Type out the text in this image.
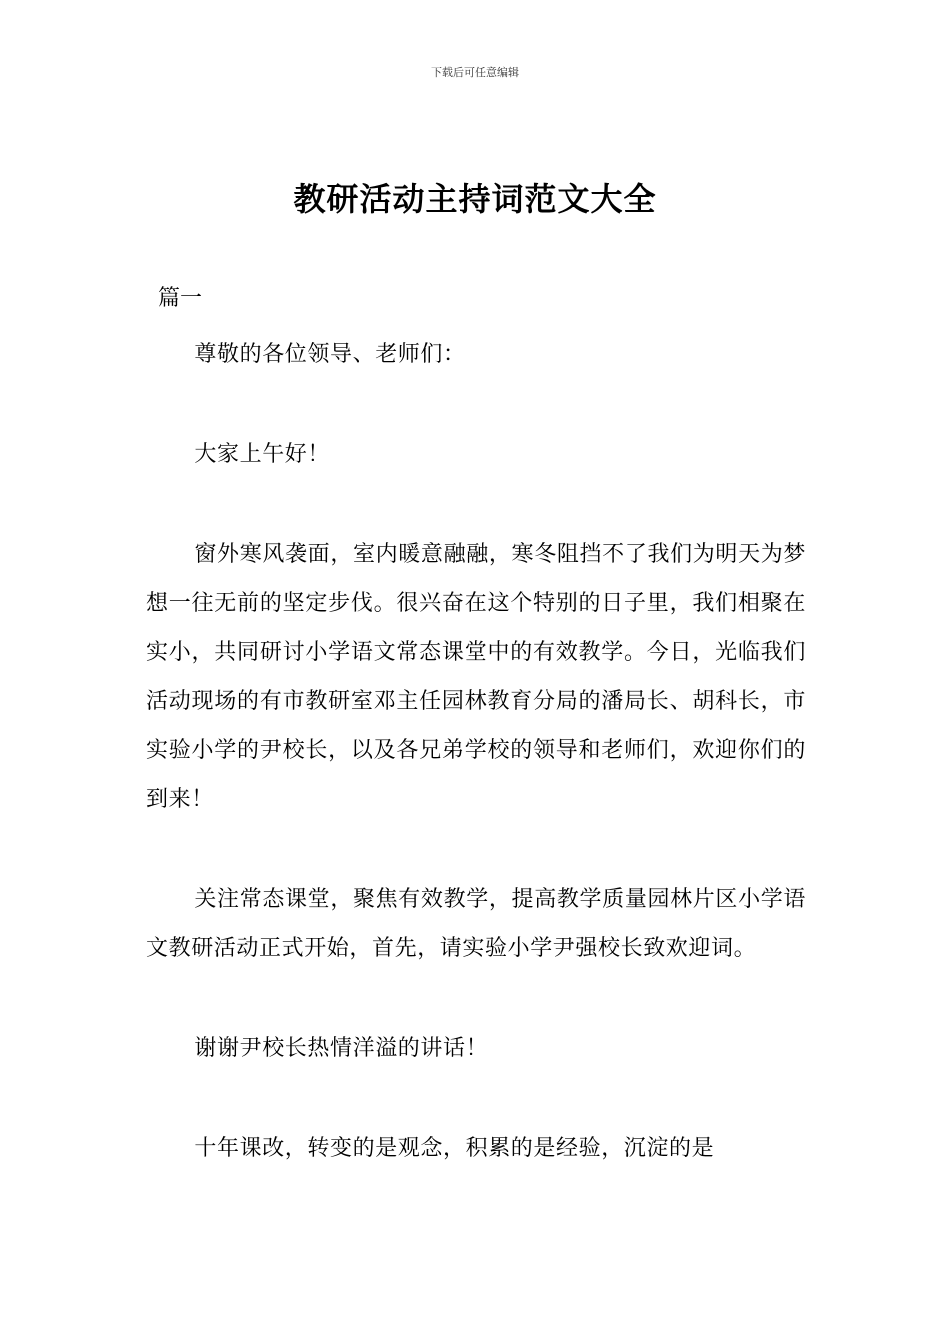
下载后可任意编辑
教研活动主持词范文大全
篇一

尊敬的各位领导、老师们：

大家上午好！

窗外寒风袭面，室内暖意融融，寒冬阻挡不了我们为明天为梦想一往无前的坚定步伐。很兴奋在这个特别的日子里，我们相聚在实小，共同研讨小学语文常态课堂中的有效教学。今日，光临我们活动现场的有市教研室邓主任园林教育分局的潘局长、胡科长，市实验小学的尹校长，以及各兄弟学校的领导和老师们，欢迎你们的到来！

关注常态课堂，聚焦有效教学，提高教学质量园林片区小学语文教研活动正式开始，首先，请实验小学尹强校长致欢迎词。

谢谢尹校长热情洋溢的讲话！

十年课改，转变的是观念，积累的是经验，沉淀的是
